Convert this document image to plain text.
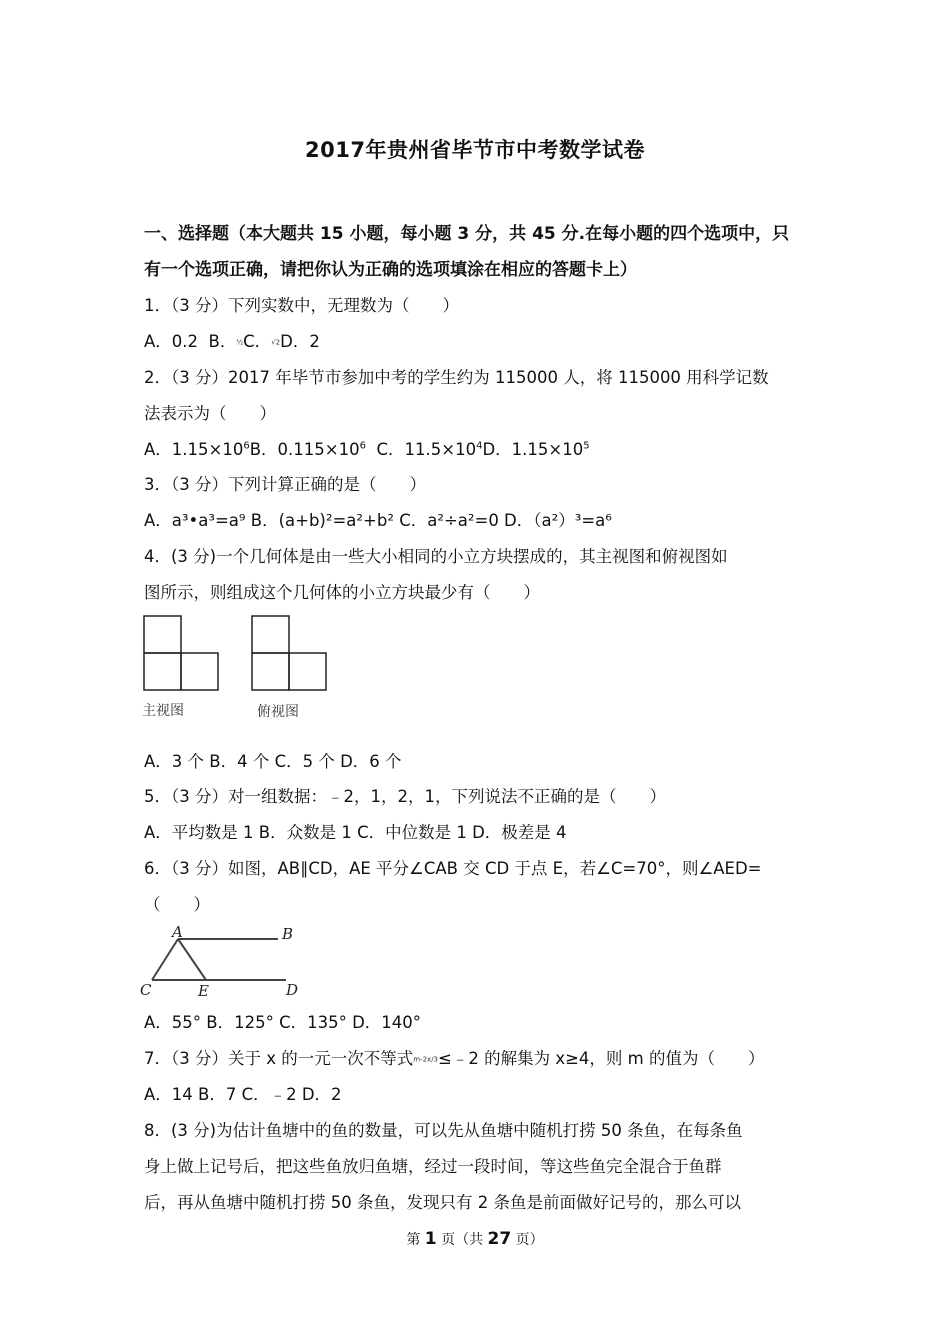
2017年贵州省毕节市中考数学试卷
一、选择题（本大题共 15 小题，每小题 3 分，共 45 分.在每小题的四个选项中，只
有一个选项正确，请把你认为正确的选项填涂在相应的答题卡上）
1．（3 分）下列实数中，无理数为（　　）
A．0.2 B．½C．√2D．2
2．（3 分）2017 年毕节市参加中考的学生约为 115000 人，将 115000 用科学记数
法表示为（　　）
A．$1.15\times 10^6B$．$0.115\times 10^6$ C．$11.5\times 10^4D$．$1.15\times 10^5$
3．（3 分）下列计算正确的是（　　）
A．a³•a³=a⁹ B．(a+b)²=a²+b² C．a²÷a²=0 D．（a²）³=a⁶
4．(3 分)一个几何体是由一些大小相同的小立方块摆成的，其主视图和俯视图如
图所示，则组成这个几何体的小立方块最少有（　　）
主视图	俯视图
A．3 个 B．4 个 C．5 个 D．6 个
5．（3 分）对一组数据：﹣2，1，2，1，下列说法不正确的是（　　）
A．平均数是 1 B．众数是 1 C．中位数是 1 D．极差是 4
6．（3 分）如图，AB∥CD，AE 平分∠CAB 交 CD 于点 E，若∠C=70°，则∠AED=
（　　）
A	B
C	E	D
A．55° B．125° C．135° D．140°
7．（3 分）关于 x 的一元一次不等式m-2x/3≤﹣2 的解集为 x≥4，则 m 的值为（　　）
A．14 B．7 C．﹣2 D．2
8．(3 分)为估计鱼塘中的鱼的数量，可以先从鱼塘中随机打捞 50 条鱼，在每条鱼
身上做上记号后，把这些鱼放归鱼塘，经过一段时间，等这些鱼完全混合于鱼群
后，再从鱼塘中随机打捞 50 条鱼，发现只有 2 条鱼是前面做好记号的，那么可以
第 1 页（共 27 页）
